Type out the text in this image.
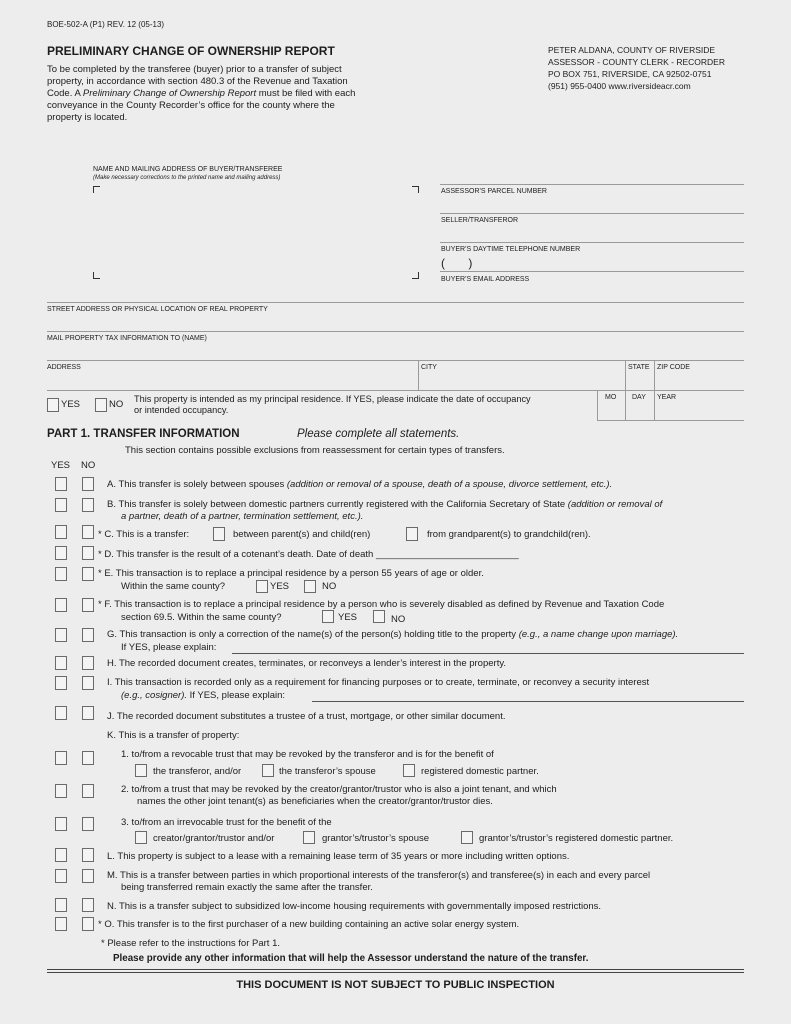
BOE-502-A (P1) REV. 12 (05-13)
PRELIMINARY CHANGE OF OWNERSHIP REPORT
To be completed by the transferee (buyer) prior to a transfer of subject
property, in accordance with section 480.3 of the Revenue and Taxation
Code. A Preliminary Change of Ownership Report must be filed with each
conveyance in the County Recorder’s office for the county where the
property is located.
PETER ALDANA, COUNTY OF RIVERSIDE
ASSESSOR - COUNTY CLERK - RECORDER
PO BOX 751, RIVERSIDE, CA 92502-0751
(951) 955-0400 www.riversideacr.com
NAME AND MAILING ADDRESS OF BUYER/TRANSFEREE
(Make necessary corrections to the printed name and mailing address)
ASSESSOR'S PARCEL NUMBER
SELLER/TRANSFEROR
BUYER'S DAYTIME TELEPHONE NUMBER
(       )
BUYER'S EMAIL ADDRESS
STREET ADDRESS OR PHYSICAL LOCATION OF REAL PROPERTY
MAIL PROPERTY TAX INFORMATION TO (NAME)
ADDRESS	CITY	STATE ZIP CODE
YES	NO This property is intended as my principal residence. If YES, please indicate the date of occupancy
or intended occupancy.
MO DAY YEAR
PART 1. TRANSFER INFORMATION	Please complete all statements.
This section contains possible exclusions from reassessment for certain types of transfers.
YES NO
A. This transfer is solely between spouses (addition or removal of a spouse, death of a spouse, divorce settlement, etc.).
B. This transfer is solely between domestic partners currently registered with the California Secretary of State (addition or removal of
a partner, death of a partner, termination settlement, etc.).
* C. This is a transfer:	between parent(s) and child(ren)	from grandparent(s) to grandchild(ren).
* D. This transfer is the result of a cotenant’s death. Date of death ___________________________
* E. This transaction is to replace a principal residence by a person 55 years of age or older.
Within the same county?	YES	NO
* F. This transaction is to replace a principal residence by a person who is severely disabled as defined by Revenue and Taxation Code
section 69.5. Within the same county?	YES	NO
G. This transaction is only a correction of the name(s) of the person(s) holding title to the property (e.g., a name change upon marriage).
If YES, please explain:
H. The recorded document creates, terminates, or reconveys a lender’s interest in the property.
I. This transaction is recorded only as a requirement for financing purposes or to create, terminate, or reconvey a security interest
(e.g., cosigner). If YES, please explain:
J. The recorded document substitutes a trustee of a trust, mortgage, or other similar document.
K. This is a transfer of property:
1. to/from a revocable trust that may be revoked by the transferor and is for the benefit of
the transferor, and/or	the transferor’s spouse	registered domestic partner.
2. to/from a trust that may be revoked by the creator/grantor/trustor who is also a joint tenant, and which
names the other joint tenant(s) as beneficiaries when the creator/grantor/trustor dies.
3. to/from an irrevocable trust for the benefit of the
creator/grantor/trustor and/or	grantor’s/trustor’s spouse	grantor’s/trustor’s registered domestic partner.
L. This property is subject to a lease with a remaining lease term of 35 years or more including written options.
M. This is a transfer between parties in which proportional interests of the transferor(s) and transferee(s) in each and every parcel
being transferred remain exactly the same after the transfer.
N. This is a transfer subject to subsidized low-income housing requirements with governmentally imposed restrictions.
* O. This transfer is to the first purchaser of a new building containing an active solar energy system.
* Please refer to the instructions for Part 1.
Please provide any other information that will help the Assessor understand the nature of the transfer.
THIS DOCUMENT IS NOT SUBJECT TO PUBLIC INSPECTION
